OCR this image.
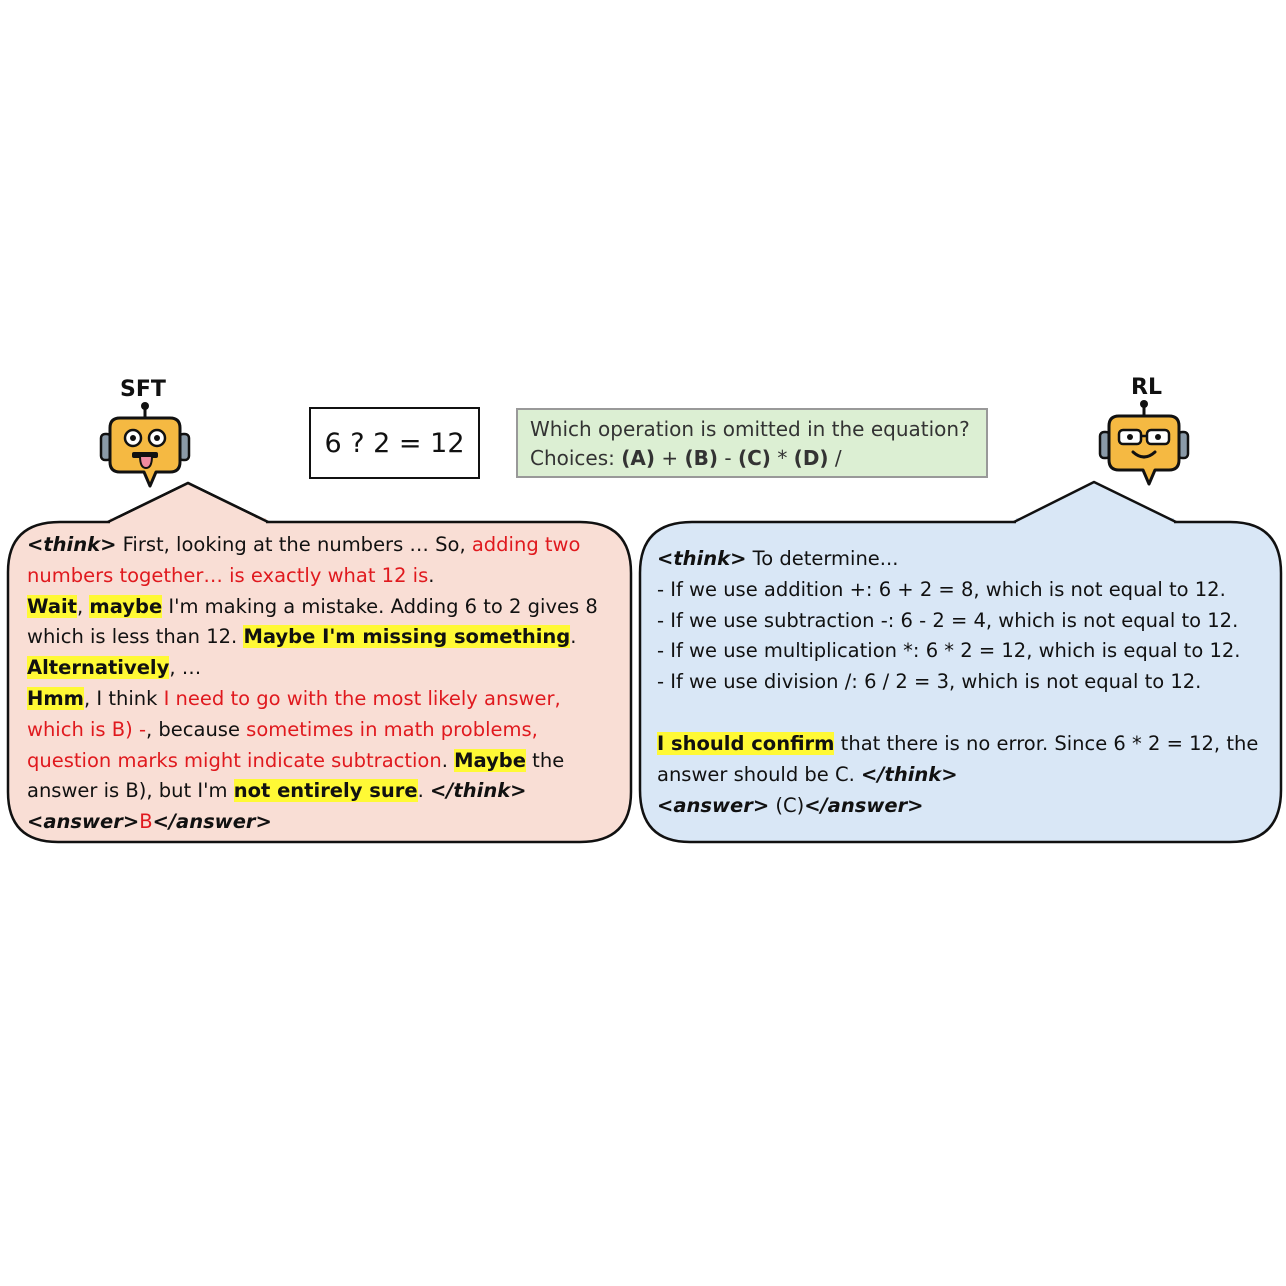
SFT	RL
6 ? 2 = 12	Which operation is omitted in the equation?
Choices: (A) + (B) - (C) * (D) /
<think> First, looking at the numbers … So, adding two numbers together… is exactly what 12 is.
Wait, maybe I'm making a mistake. Adding 6 to 2 gives 8 which is less than 12. Maybe I'm missing something.
Alternatively, …
Hmm, I think I need to go with the most likely answer, which is B) -, because sometimes in math problems, question marks might indicate subtraction. Maybe the answer is B), but I'm not entirely sure. </think>
<answer>B</answer>
<think> To determine...
- If we use addition +: 6 + 2 = 8, which is not equal to 12.
- If we use subtraction -: 6 - 2 = 4, which is not equal to 12.
- If we use multiplication *: 6 * 2 = 12, which is equal to 12.
- If we use division /: 6 / 2 = 3, which is not equal to 12.
I should confirm that there is no error. Since 6 * 2 = 12, the answer should be C. </think>
<answer> (C)</answer>
